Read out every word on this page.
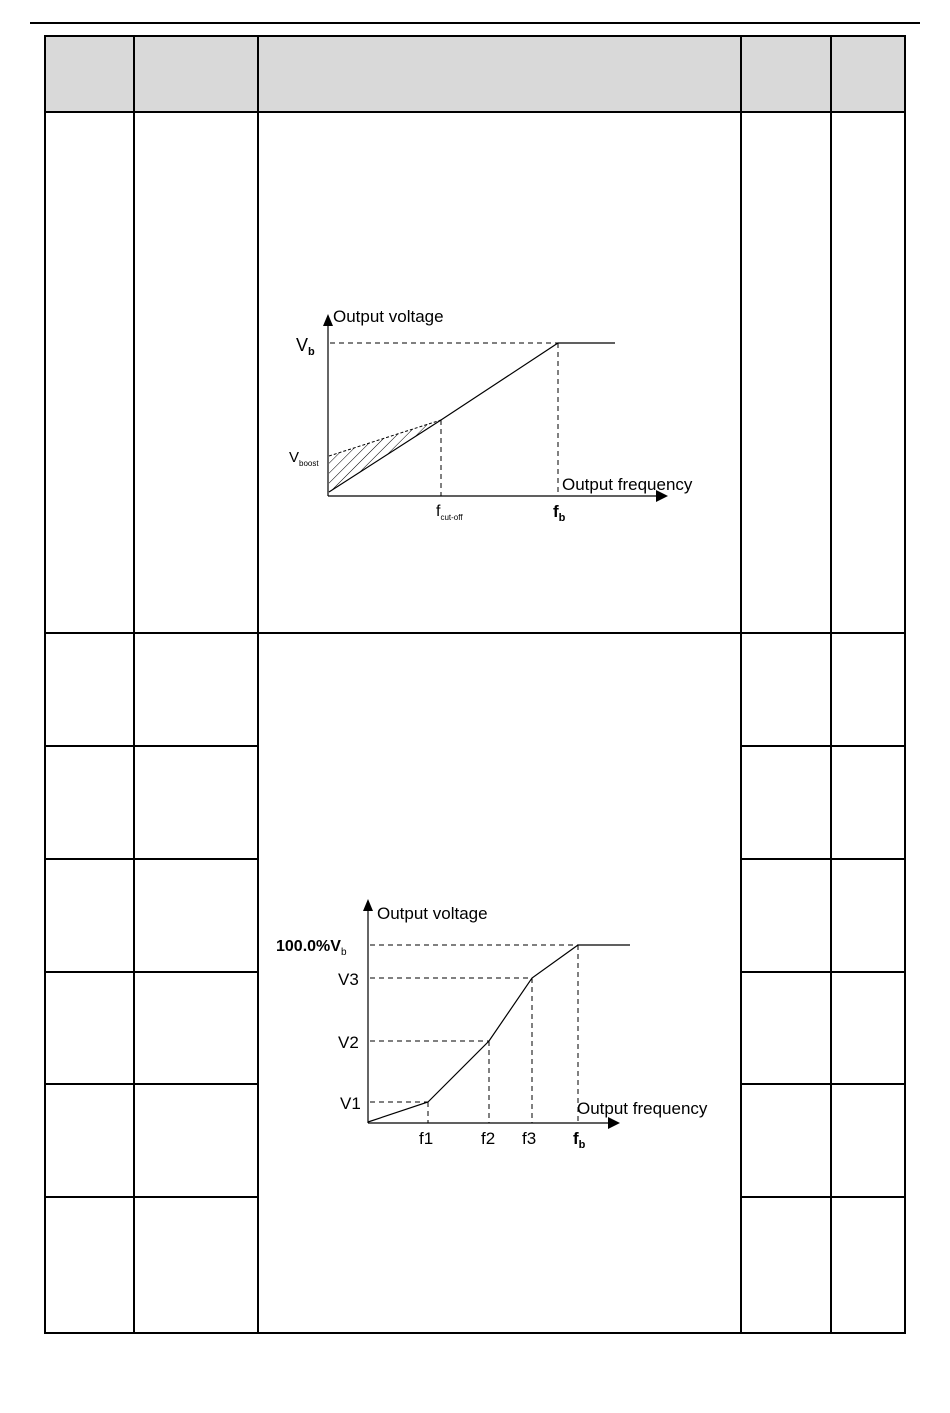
Output voltage
Output frequency
$V_b$
$V_{boost}$
$f_{cut-off}$	$f_b$
Output voltage
Output frequency
$100.0\%V_b$
V3
V2
V1
f1	f2 f3 $f_b$
